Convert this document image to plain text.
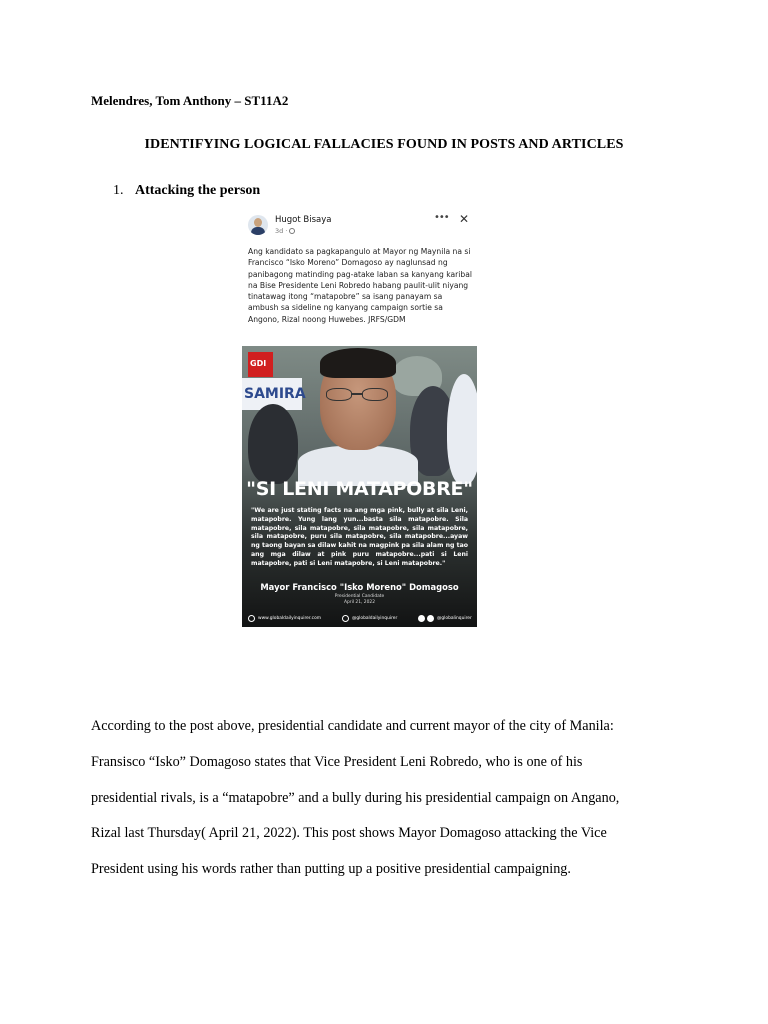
Melendres, Tom Anthony – ST11A2
IDENTIFYING LOGICAL FALLACIES FOUND IN POSTS AND ARTICLES
1. Attacking the person
Hugot Bisaya
3d ·
••• ✕
Ang kandidato sa pagkapangulo at Mayor ng Maynila na si Francisco “Isko Moreno” Domagoso ay naglunsad ng panibagong matinding pag-atake laban sa kanyang karibal na Bise Presidente Leni Robredo habang paulit-ulit niyang tinatawag itong “matapobre” sa isang panayam sa ambush sa sideline ng kanyang campaign sortie sa Angono, Rizal noong Huwebes. JRFS/GDM
SAMIRA
GDI
"SI LENI MATAPOBRE"
"We are just stating facts na ang mga pink, bully at sila Leni, matapobre. Yung lang yun...basta sila matapobre. Sila matapobre, sila matapobre, sila matapobre, sila matapobre, sila matapobre, puru sila matapobre, sila matapobre...ayaw ng taong bayan sa dilaw kahit na magpink pa sila alam ng tao ang mga dilaw at pink puru matapobre...pati si Leni matapobre, pati si Leni matapobre, si Leni matapobre."
Mayor Francisco "Isko Moreno" Domagoso
Presidential Candidate
April 21, 2022
www.globaldailyinquirer.com	@globaldailyinquirer	@globalinquirer

According to the post above, presidential candidate and current mayor of the city of Manila:
Fransisco “Isko” Domagoso states that Vice President Leni Robredo, who is one of his
presidential rivals, is a “matapobre” and a bully during his presidential campaign on Angano,
Rizal last Thursday( April 21, 2022). This post shows Mayor Domagoso attacking the Vice
President using his words rather than putting up a positive presidential campaigning.
